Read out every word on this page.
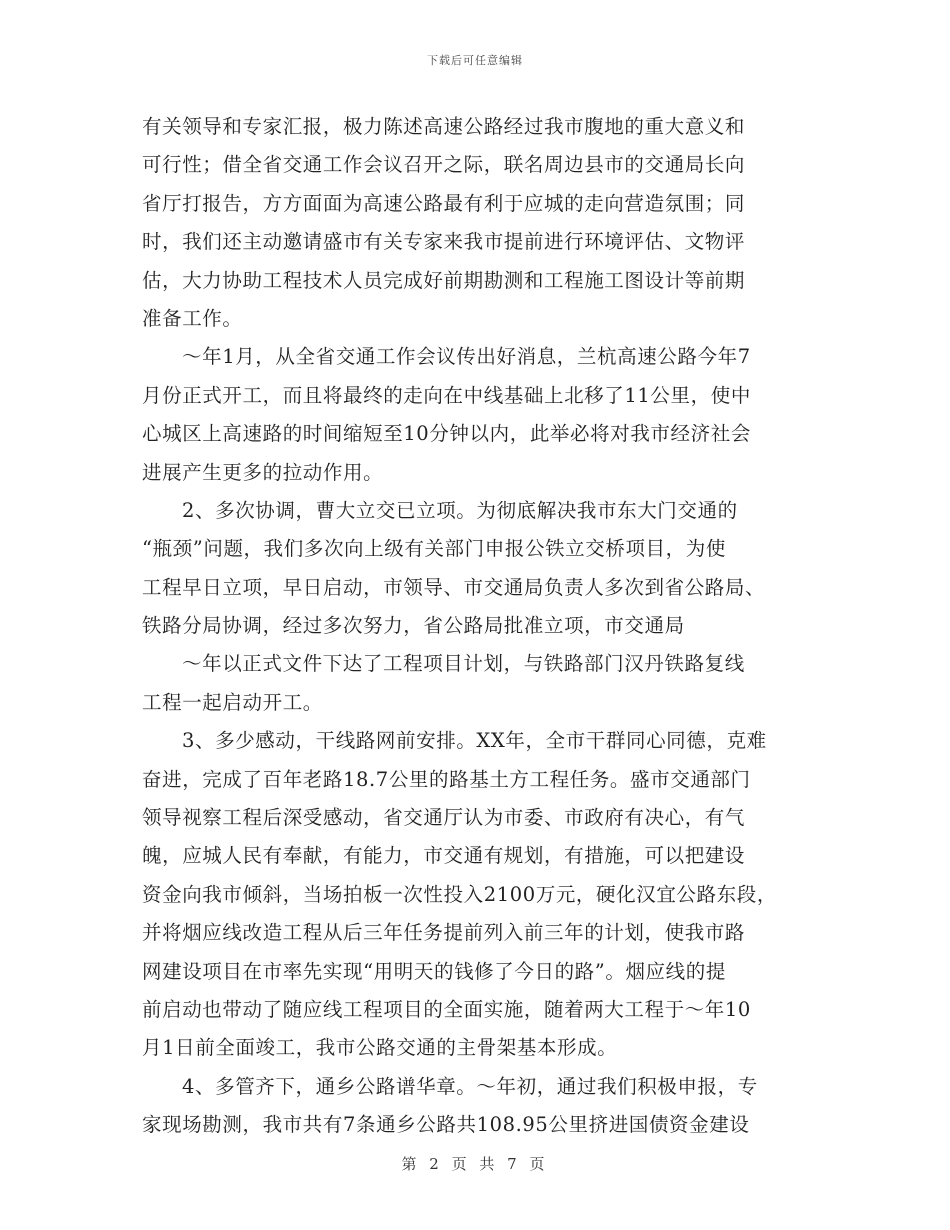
下载后可任意编辑
有关领导和专家汇报，极力陈述高速公路经过我市腹地的重大意义和
可行性；借全省交通工作会议召开之际，联名周边县市的交通局长向
省厅打报告，方方面面为高速公路最有利于应城的走向营造氛围；同
时，我们还主动邀请盛市有关专家来我市提前进行环境评估、文物评
估，大力协助工程技术人员完成好前期勘测和工程施工图设计等前期
准备工作。
～年1月，从全省交通工作会议传出好消息，兰杭高速公路今年7
月份正式开工，而且将最终的走向在中线基础上北移了11公里，使中
心城区上高速路的时间缩短至10分钟以内，此举必将对我市经济社会
进展产生更多的拉动作用。
2、多次协调，曹大立交已立项。为彻底解决我市东大门交通的
“瓶颈”问题，我们多次向上级有关部门申报公铁立交桥项目，为使
工程早日立项，早日启动，市领导、市交通局负责人多次到省公路局、
铁路分局协调，经过多次努力，省公路局批准立项，市交通局
～年以正式文件下达了工程项目计划，与铁路部门汉丹铁路复线
工程一起启动开工。
3、多少感动，干线路网前安排。XX年，全市干群同心同德，克难
奋进，完成了百年老路18.7公里的路基土方工程任务。盛市交通部门
领导视察工程后深受感动，省交通厅认为市委、市政府有决心，有气
魄，应城人民有奉献，有能力，市交通有规划，有措施，可以把建设
资金向我市倾斜，当场拍板一次性投入2100万元，硬化汉宜公路东段，
并将烟应线改造工程从后三年任务提前列入前三年的计划，使我市路
网建设项目在市率先实现“用明天的钱修了今日的路”。烟应线的提
前启动也带动了随应线工程项目的全面实施，随着两大工程于～年10
月1日前全面竣工，我市公路交通的主骨架基本形成。
4、多管齐下，通乡公路谱华章。～年初，通过我们积极申报，专
家现场勘测，我市共有7条通乡公路共108.95公里挤进国债资金建设
第 2 页 共 7 页
